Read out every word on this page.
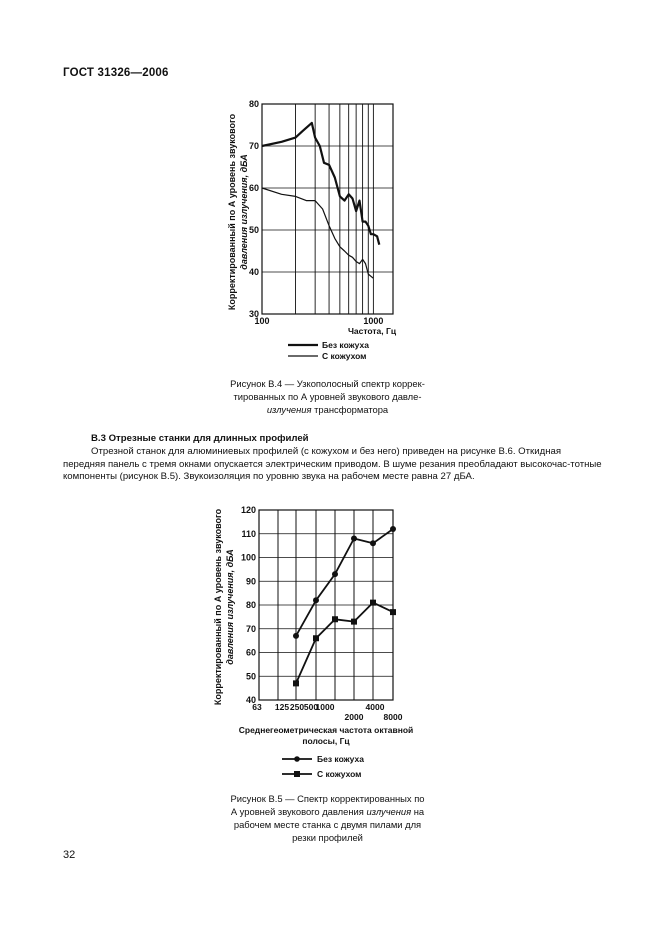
ГОСТ 31326—2006
Корректированный по А уровень звукового давления излучения, дБА
80
70
60
50
40
30
100	1000
Частота, Гц
Без кожуха
С кожухом
Корректированный по А уровень звукового давления излучения, дБА
120
110
100
90
80
70
60
50
40
63 125 250 500
1000
2000
4000
8000
Среднегеометрическая частота октавной
полосы, Гц
Без кожуха
С кожухом
Рисунок В.4 — Узкополосный спектр коррек-
тированных по А уровней звукового давле-
излучения трансформатора
В.3 Отрезные станки для длинных профилей

Отрезной станок для алюминиевых профилей (с кожухом и без него) приведен на рисунке В.6. Откидная передняя панель с тремя окнами опускается электрическим приводом. В шуме резания преобладают высокочас-тотные компоненты (рисунок В.5). Звукоизоляция по уровню звука на рабочем месте равна 27 дБА.

Рисунок В.5 — Спектр корректированных по
А уровней звукового давления излучения на
рабочем месте станка с двумя пилами для
резки профилей
32
